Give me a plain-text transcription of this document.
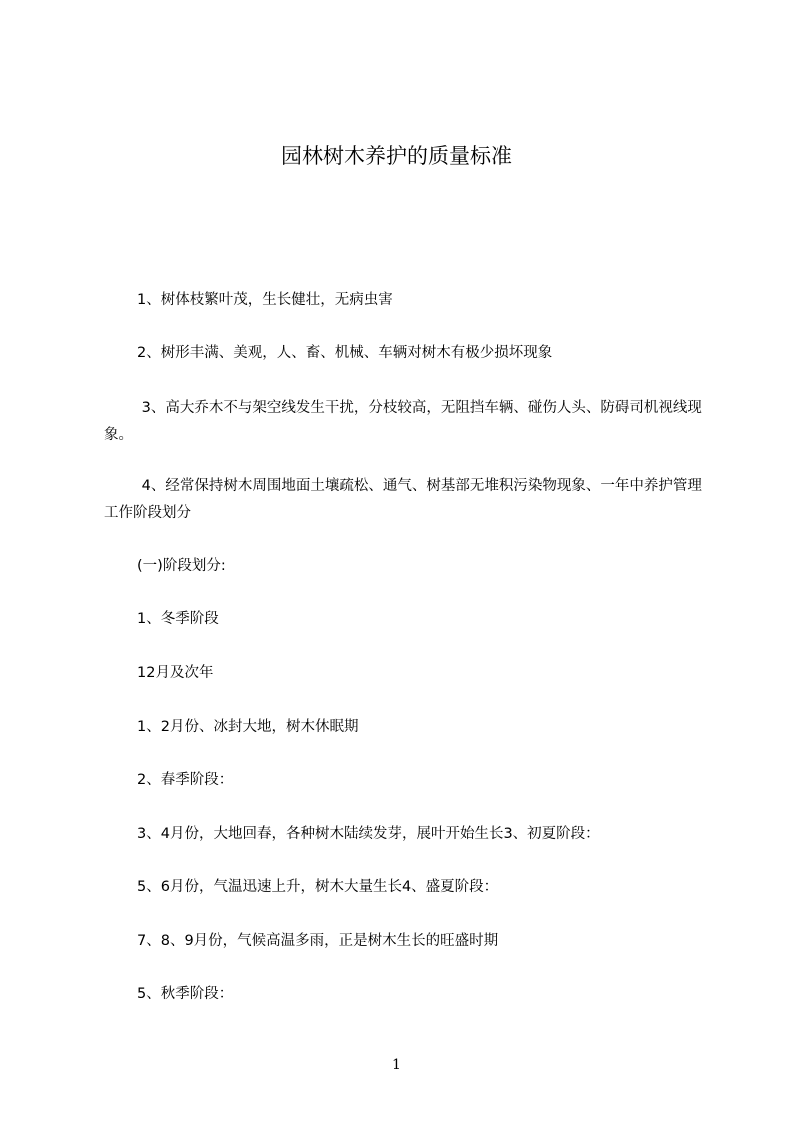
园林树木养护的质量标准

1、树体枝繁叶茂，生长健壮，无病虫害

2、树形丰满、美观，人、畜、机械、车辆对树木有极少损坏现象

3、高大乔木不与架空线发生干扰，分枝较高，无阻挡车辆、碰伤人头、防碍司机视线现象。

4、经常保持树木周围地面土壤疏松、通气、树基部无堆积污染物现象、一年中养护管理工作阶段划分

(一)阶段划分:

1、冬季阶段

12月及次年

1、2月份、冰封大地，树木休眠期

2、春季阶段：

3、4月份，大地回春，各种树木陆续发芽，展叶开始生长3、初夏阶段：

5、6月份，气温迅速上升，树木大量生长4、盛夏阶段：

7、8、9月份，气候高温多雨，正是树木生长的旺盛时期

5、秋季阶段：

1
